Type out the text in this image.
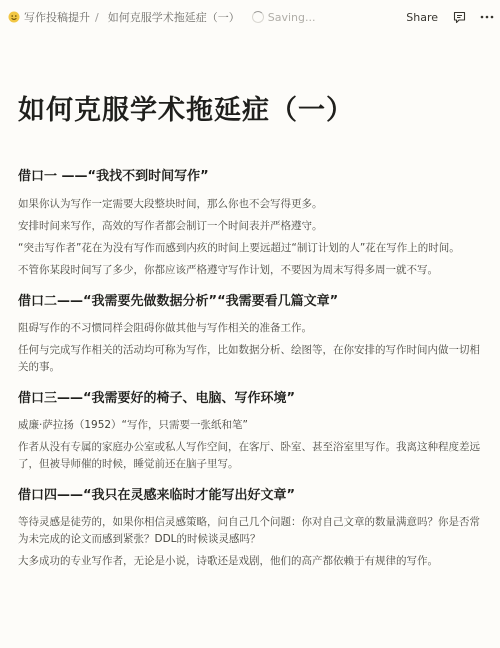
写作投稿提升 / 如何克服学术拖延症（一）	Saving...	Share
如何克服学术拖延症（一）
借口一 ——“我找不到时间写作”

如果你认为写作一定需要大段整块时间，那么你也不会写得更多。

安排时间来写作，高效的写作者都会制订一个时间表并严格遵守。

“突击写作者”花在为没有写作而感到内疚的时间上要远超过“制订计划的人”花在写作上的时间。

不管你某段时间写了多少，你都应该严格遵守写作计划，不要因为周末写得多周一就不写。

借口二——“我需要先做数据分析”“我需要看几篇文章”

阻碍写作的不习惯同样会阻碍你做其他与写作相关的准备工作。

任何与完成写作相关的活动均可称为写作，比如数据分析、绘图等，在你安排的写作时间内做一切相关的事。

借口三——“我需要好的椅子、电脑、写作环境”

威廉·萨拉扬（1952）“写作，只需要一张纸和笔”

作者从没有专属的家庭办公室或私人写作空间，在客厅、卧室、甚至浴室里写作。我离这种程度差远了，但被导师催的时候，睡觉前还在脑子里写。

借口四——“我只在灵感来临时才能写出好文章”

等待灵感是徒劳的，如果你相信灵感策略，问自己几个问题：你对自己文章的数量满意吗？你是否常为未完成的论文而感到紧张？DDL的时候谈灵感吗？

大多成功的专业写作者，无论是小说，诗歌还是戏剧，他们的高产都依赖于有规律的写作。
